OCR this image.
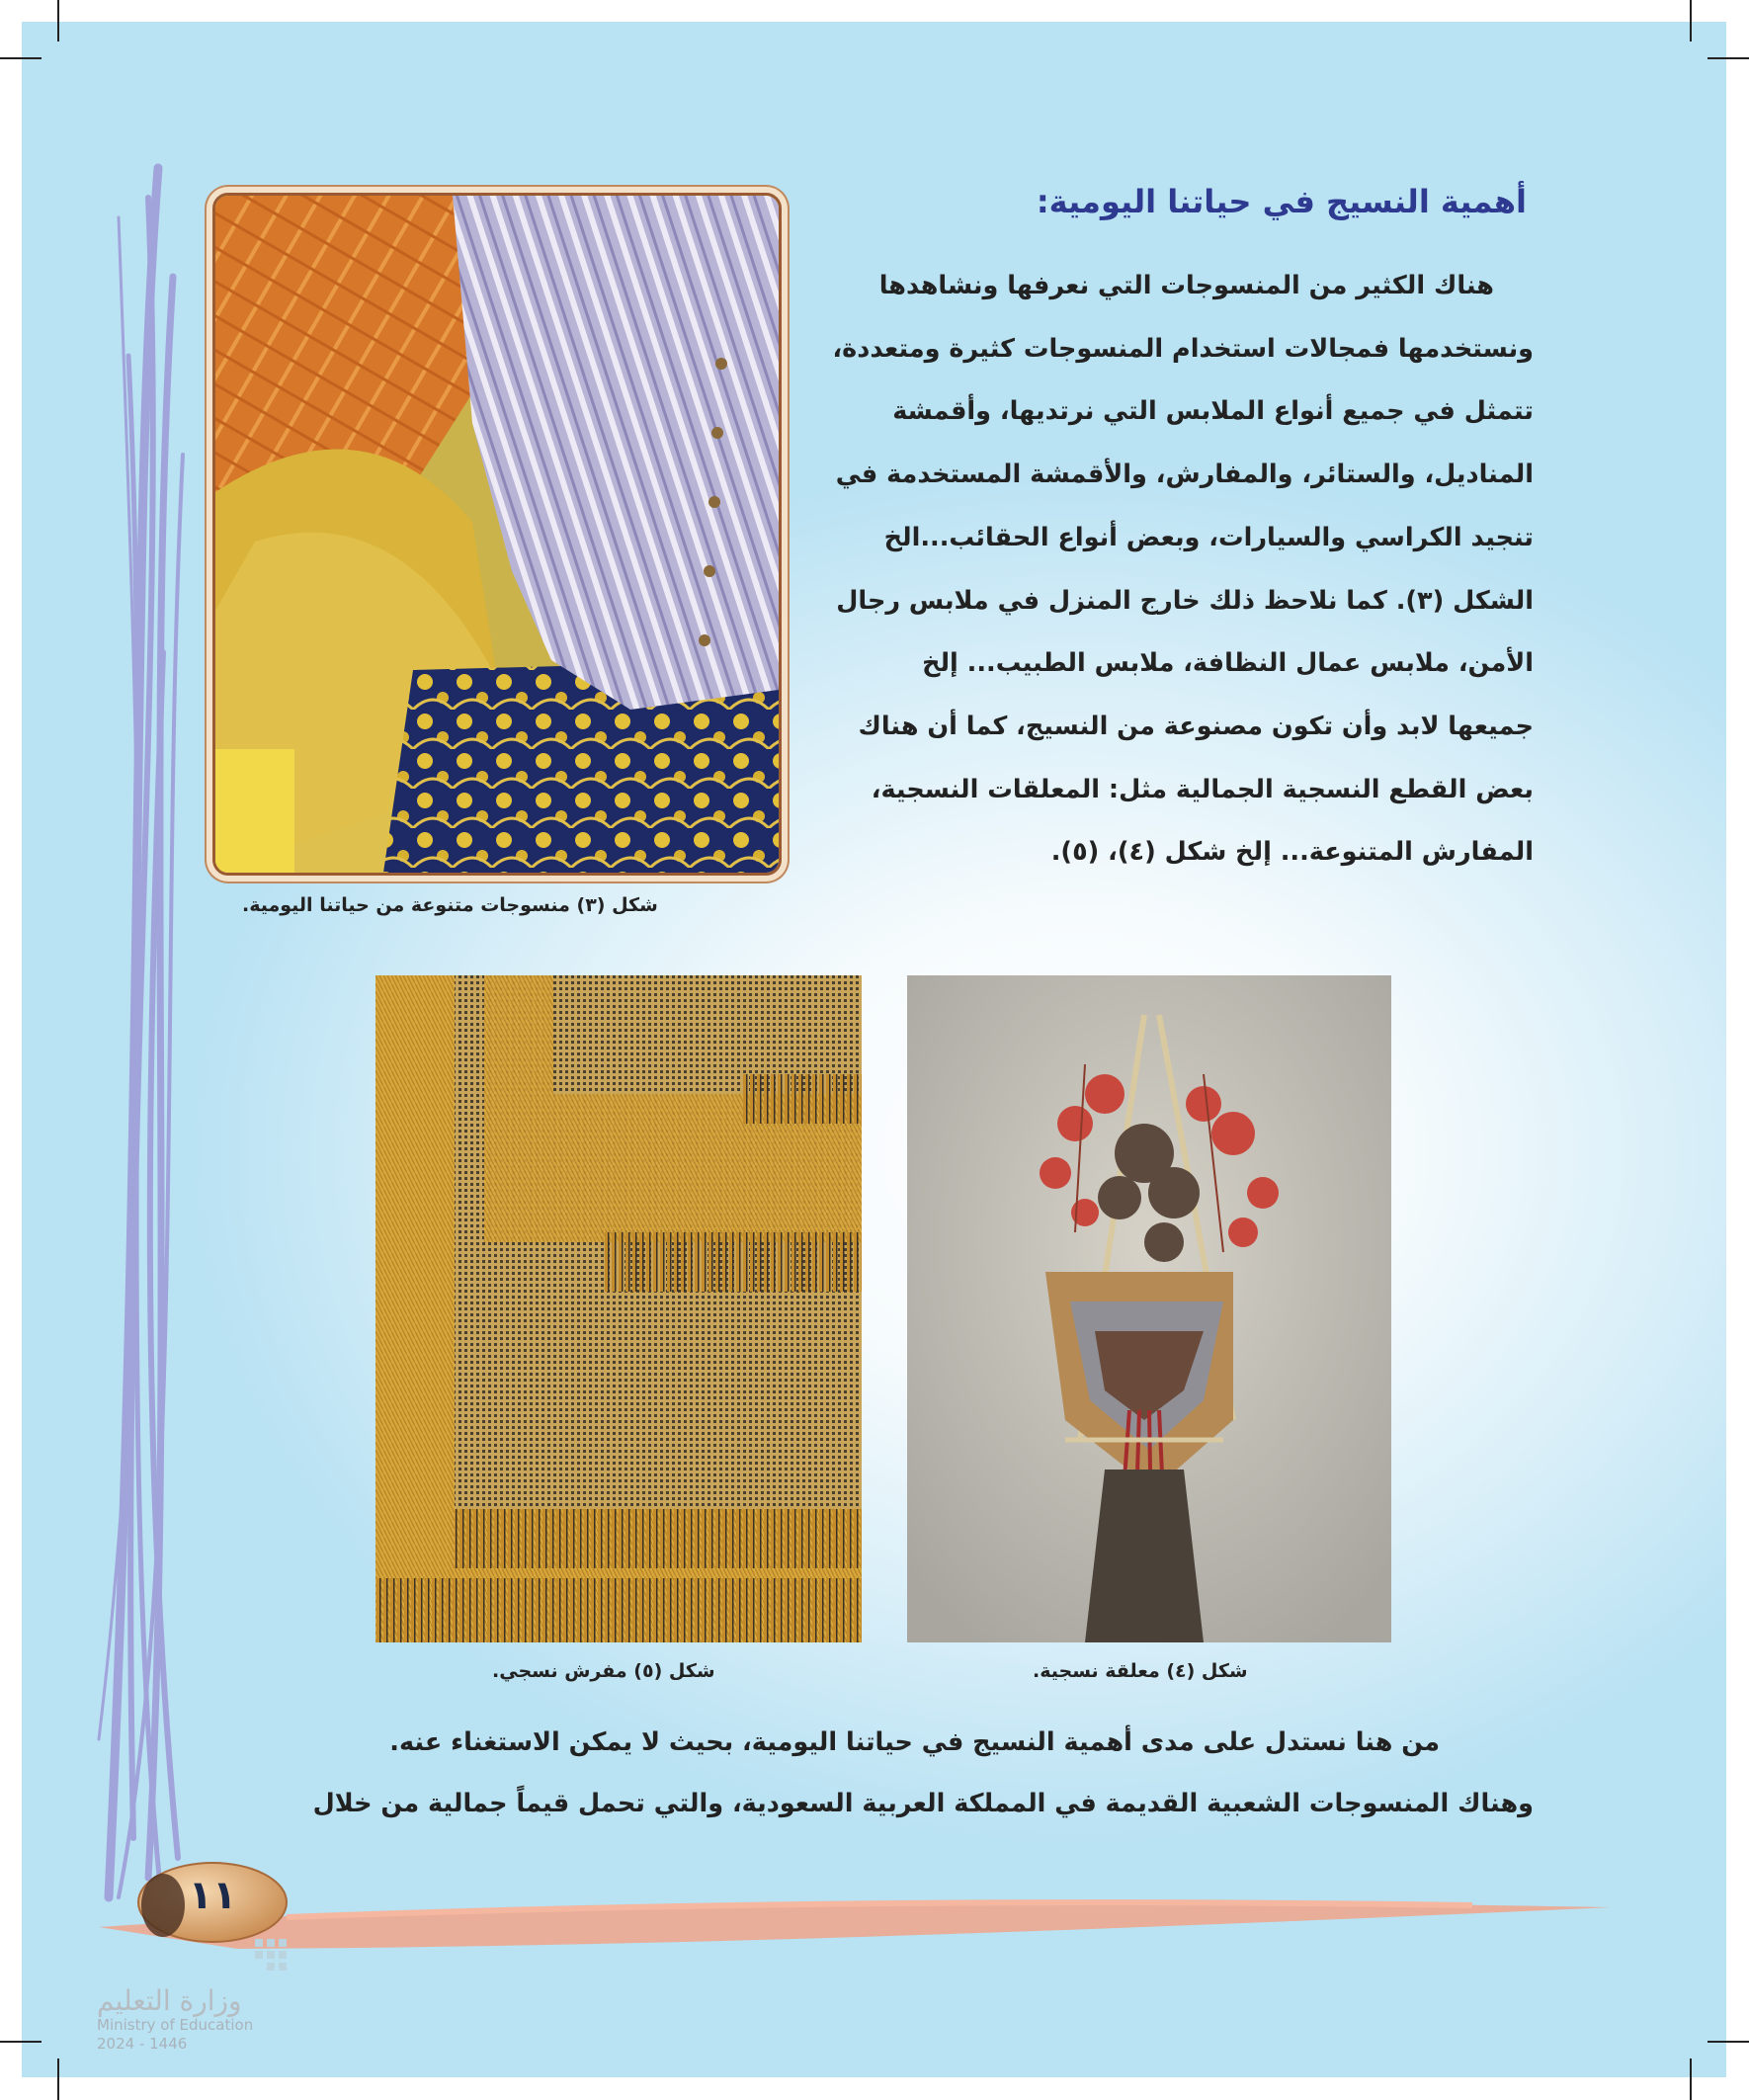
أهمية النسيج في حياتنا اليومية:
هناك الكثير من المنسوجات التي نعرفها ونشاهدها
ونستخدمها فمجالات استخدام المنسوجات كثيرة ومتعددة،
تتمثل في جميع أنواع الملابس التي نرتديها، وأقمشة
المناديل، والستائر، والمفارش، والأقمشة المستخدمة في
تنجيد الكراسي والسيارات، وبعض أنواع الحقائب...الخ
الشكل (٣). كما نلاحظ ذلك خارج المنزل في ملابس رجال
الأمن، ملابس عمال النظافة، ملابس الطبيب... إلخ
جميعها لابد وأن تكون مصنوعة من النسيج، كما أن هناك
بعض القطع النسجية الجمالية مثل: المعلقات النسجية،
المفارش المتنوعة... إلخ شكل (٤)، (٥).
شكل (٣) منسوجات متنوعة من حياتنا اليومية.
شكل (٥) مفرش نسجي.	شكل (٤) معلقة نسجية.
من هنا نستدل على مدى أهمية النسيج في حياتنا اليومية، بحيث لا يمكن الاستغناء عنه.
وهناك المنسوجات الشعبية القديمة في المملكة العربية السعودية، والتي تحمل قيماً جمالية من خلال
١١
وزارة التعليم
Ministry of Education
2024 - 1446
